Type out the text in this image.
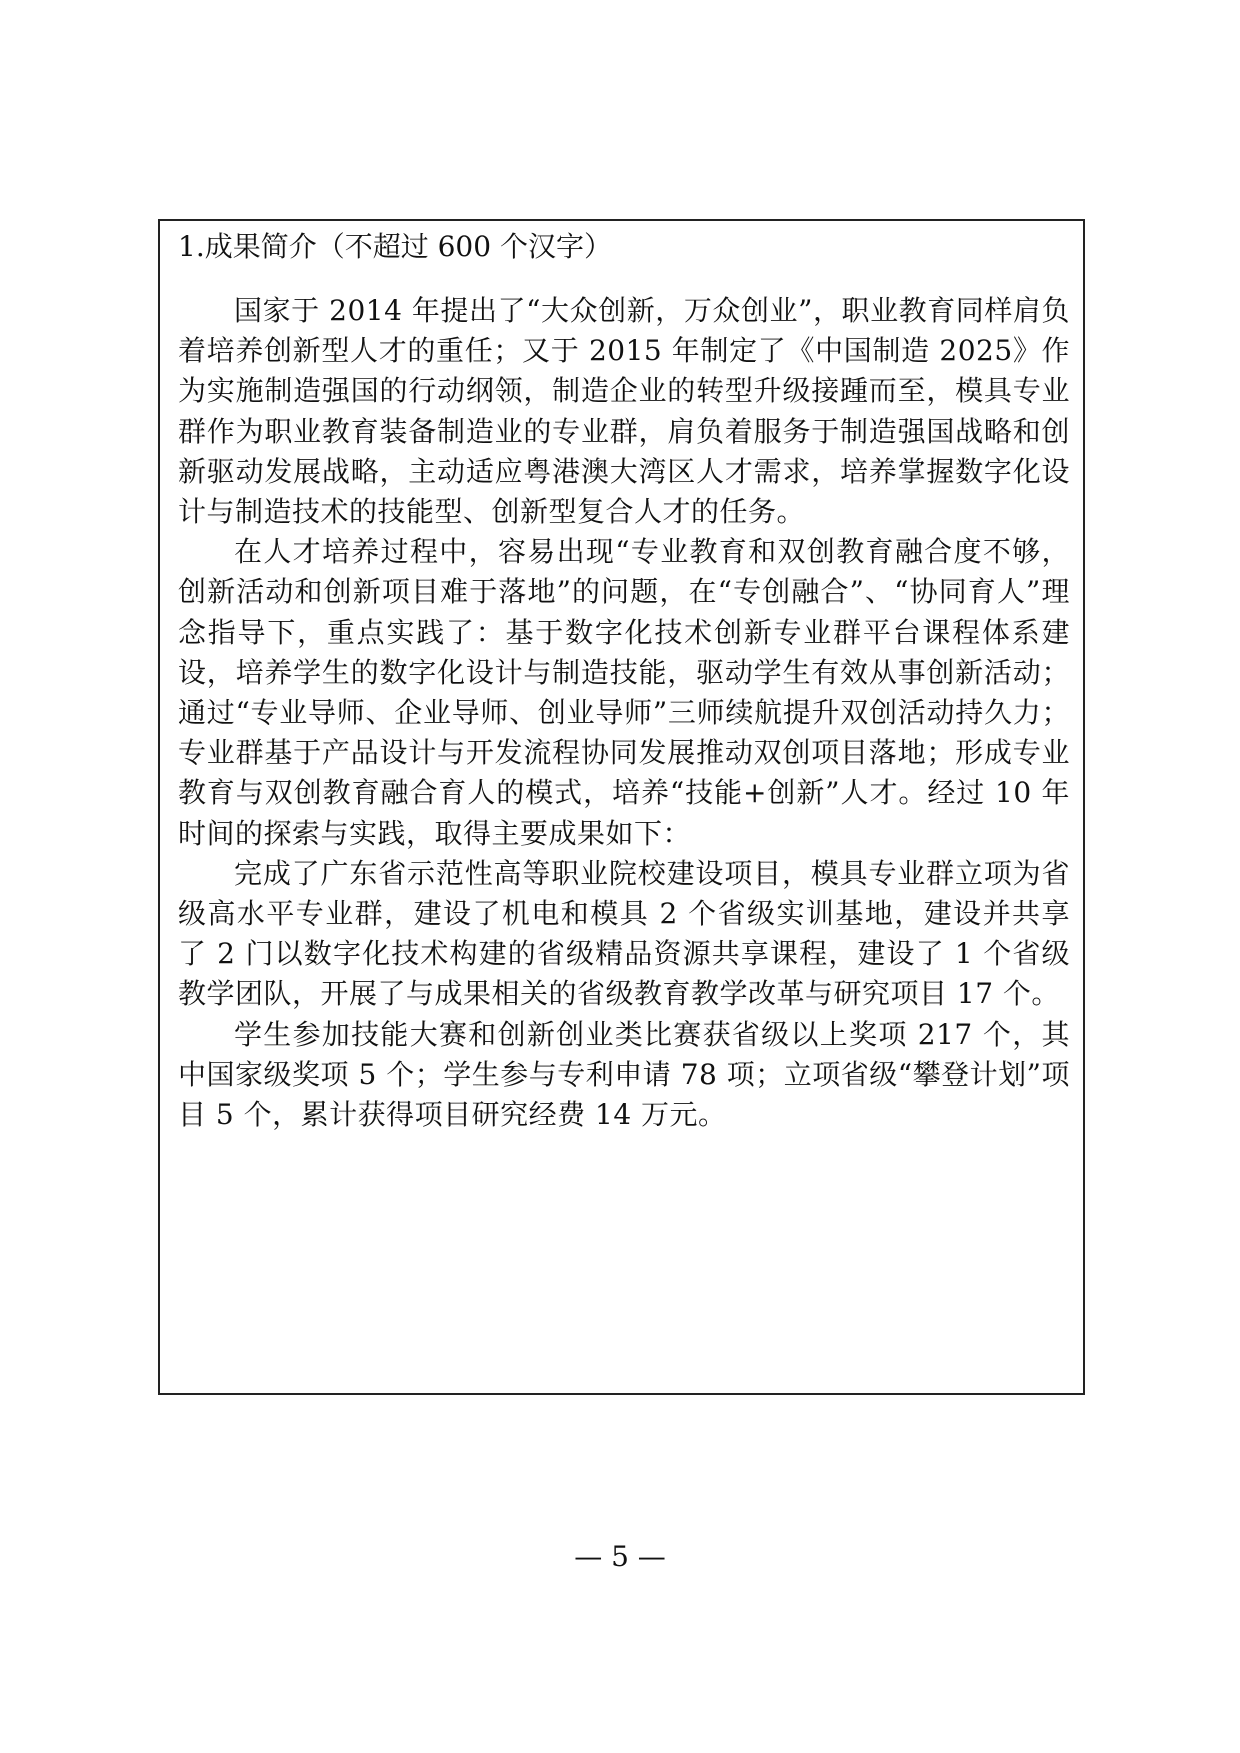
1.成果简介（不超过 600 个汉字）

国家于 2014 年提出了“大众创新，万众创业”，职业教育同样肩负着培养创新型人才的重任；又于 2015 年制定了《中国制造 2025》作为实施制造强国的行动纲领，制造企业的转型升级接踵而至，模具专业群作为职业教育装备制造业的专业群，肩负着服务于制造强国战略和创新驱动发展战略，主动适应粤港澳大湾区人才需求，培养掌握数字化设计与制造技术的技能型、创新型复合人才的任务。

在人才培养过程中，容易出现“专业教育和双创教育融合度不够，创新活动和创新项目难于落地”的问题，在“专创融合”、“协同育人”理念指导下，重点实践了：基于数字化技术创新专业群平台课程体系建设，培养学生的数字化设计与制造技能，驱动学生有效从事创新活动；通过“专业导师、企业导师、创业导师”三师续航提升双创活动持久力；专业群基于产品设计与开发流程协同发展推动双创项目落地；形成专业教育与双创教育融合育人的模式，培养“技能+创新”人才。经过 10 年时间的探索与实践，取得主要成果如下：

完成了广东省示范性高等职业院校建设项目，模具专业群立项为省级高水平专业群，建设了机电和模具 2 个省级实训基地，建设并共享了 2 门以数字化技术构建的省级精品资源共享课程，建设了 1 个省级教学团队，开展了与成果相关的省级教育教学改革与研究项目 17 个。

学生参加技能大赛和创新创业类比赛获省级以上奖项 217 个，其中国家级奖项 5 个；学生参与专利申请 78 项；立项省级“攀登计划”项目 5 个，累计获得项目研究经费 14 万元。

— 5 —
